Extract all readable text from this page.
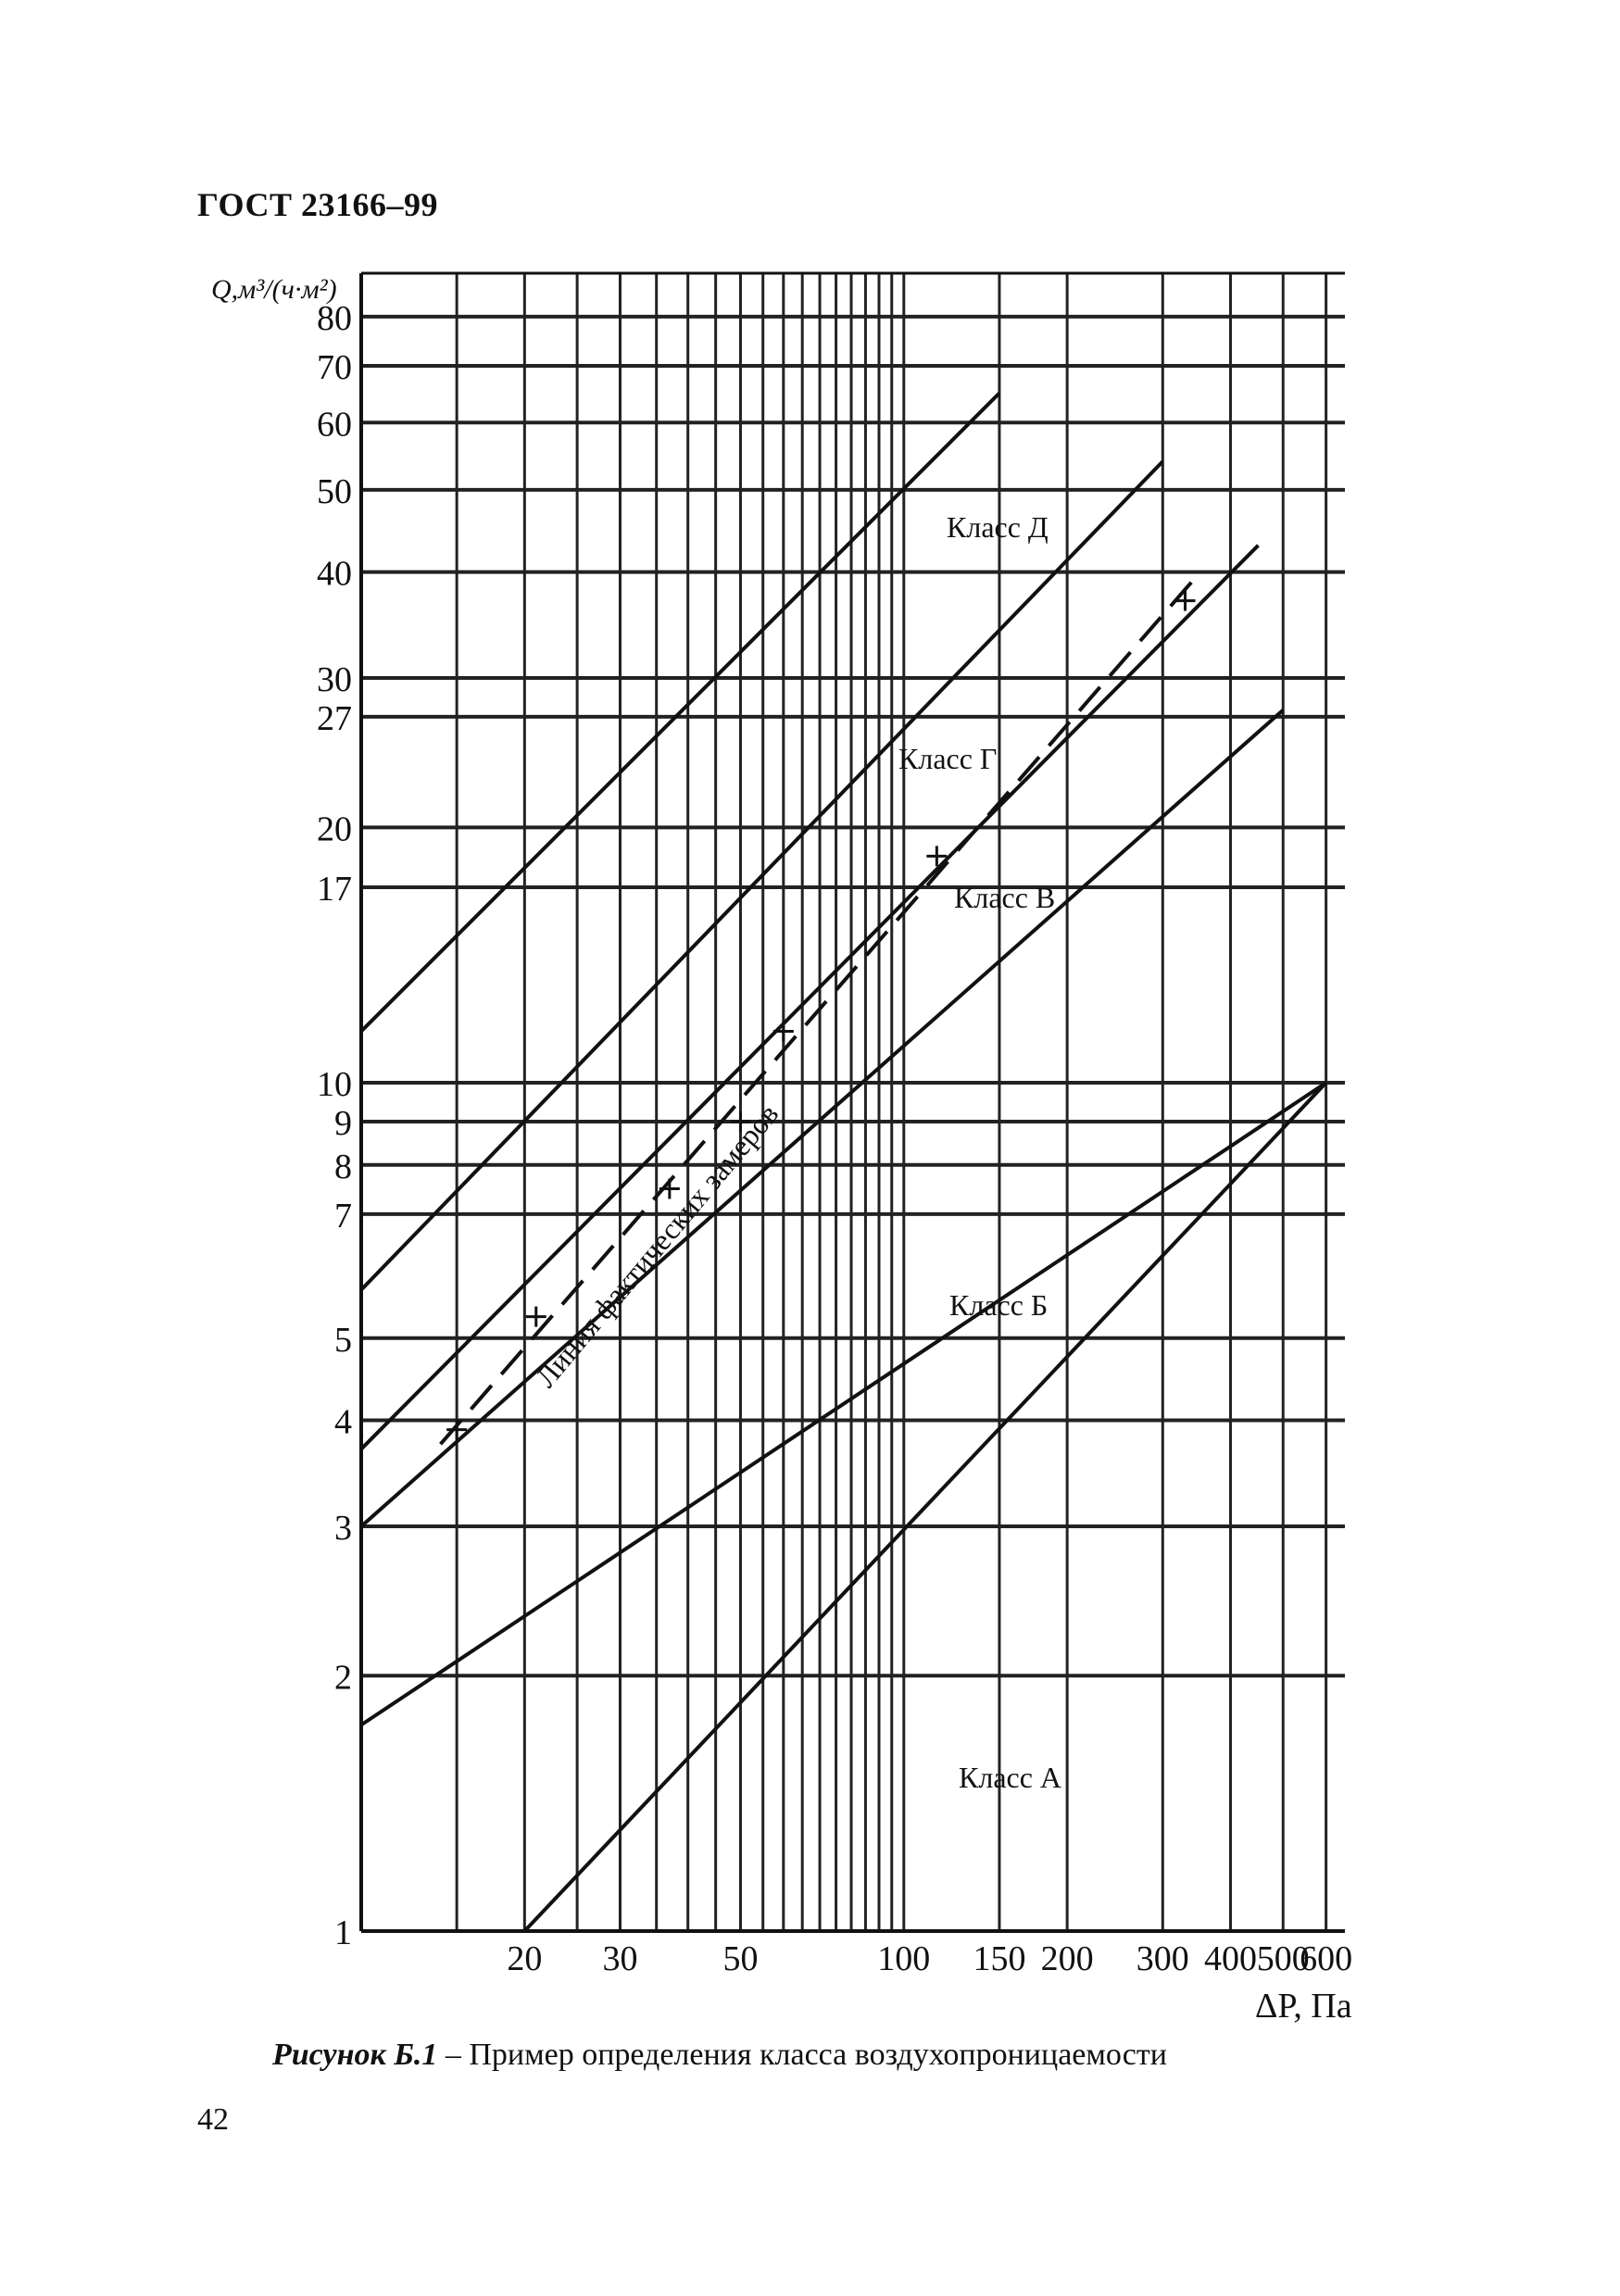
ГОСТ 23166–99
1
2
3
4
5
7
8
9
10
17
20
27
30
40
50
60
70
80
20 30 50	100 150 200 300 400 500
600
Q,м³/(ч·м²)
ΔP, Па
Класс Д
Класс Г
Класс В
Класс Б
Класс А
Линия фактических замеров
Рисунок Б.1 – Пример определения класса воздухопроницаемости
42
